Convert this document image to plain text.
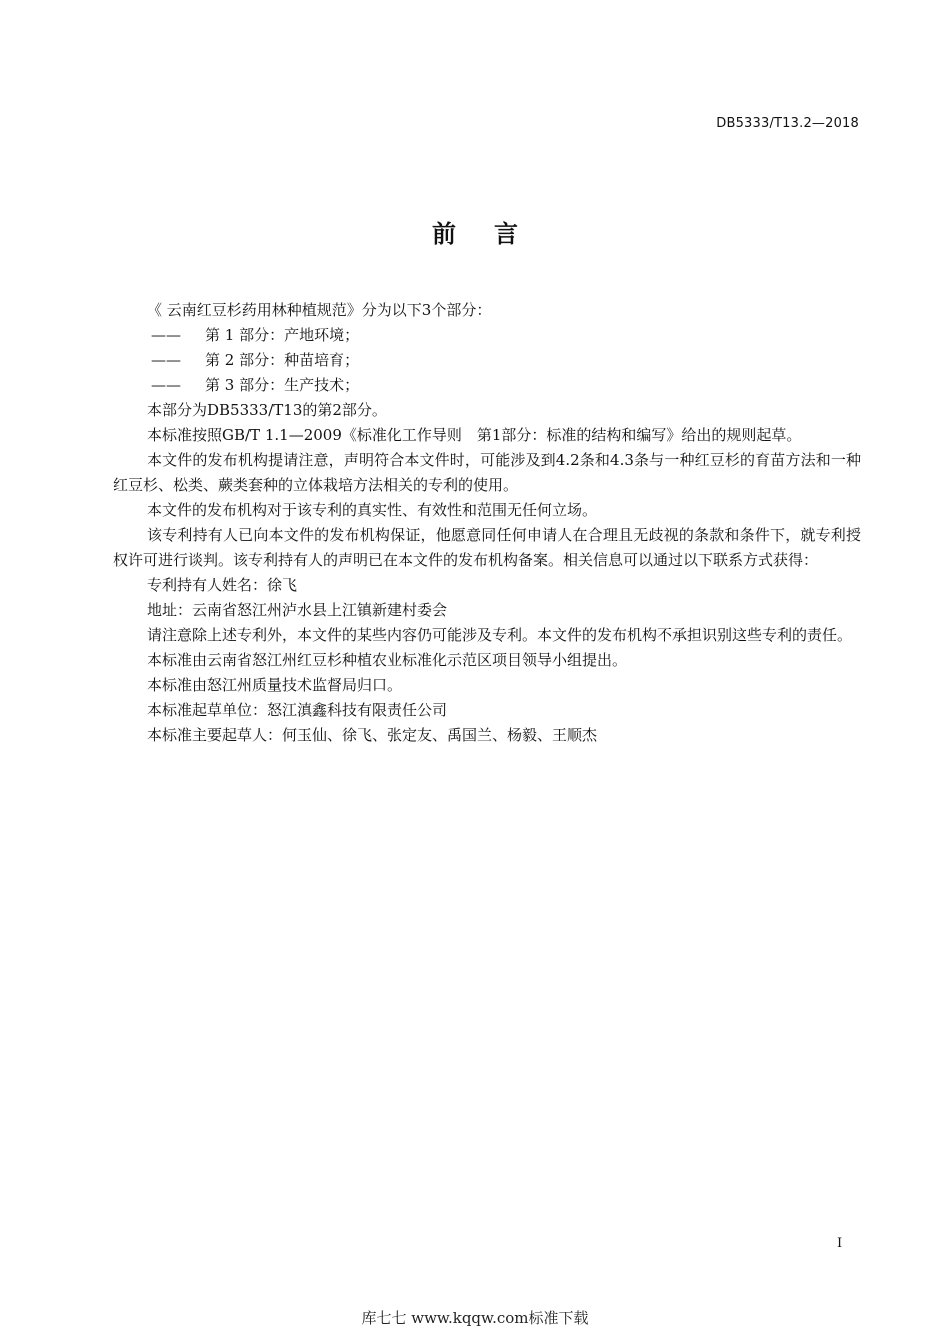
DB5333/T13.2—2018
前言

《 云南红豆杉药用林种植规范》分为以下3个部分：

—— 第 1 部分：产地环境；

—— 第 2 部分：种苗培育；

—— 第 3 部分：生产技术；

本部分为DB5333/T13的第2部分。

本标准按照GB/T 1.1—2009《标准化工作导则　第1部分：标准的结构和编写》给出的规则起草。

本文件的发布机构提请注意，声明符合本文件时，可能涉及到4.2条和4.3条与一种红豆杉的育苗方法和一种红豆杉、松类、蕨类套种的立体栽培方法相关的专利的使用。

本文件的发布机构对于该专利的真实性、有效性和范围无任何立场。

该专利持有人已向本文件的发布机构保证，他愿意同任何申请人在合理且无歧视的条款和条件下，就专利授权许可进行谈判。该专利持有人的声明已在本文件的发布机构备案。相关信息可以通过以下联系方式获得：

专利持有人姓名：徐飞

地址：云南省怒江州泸水县上江镇新建村委会

请注意除上述专利外，本文件的某些内容仍可能涉及专利。本文件的发布机构不承担识别这些专利的责任。

本标准由云南省怒江州红豆杉种植农业标准化示范区项目领导小组提出。

本标准由怒江州质量技术监督局归口。

本标准起草单位：怒江滇鑫科技有限责任公司

本标准主要起草人：何玉仙、徐飞、张定友、禹国兰、杨毅、王顺杰

I
库七七 www.kqqw.com标准下载
